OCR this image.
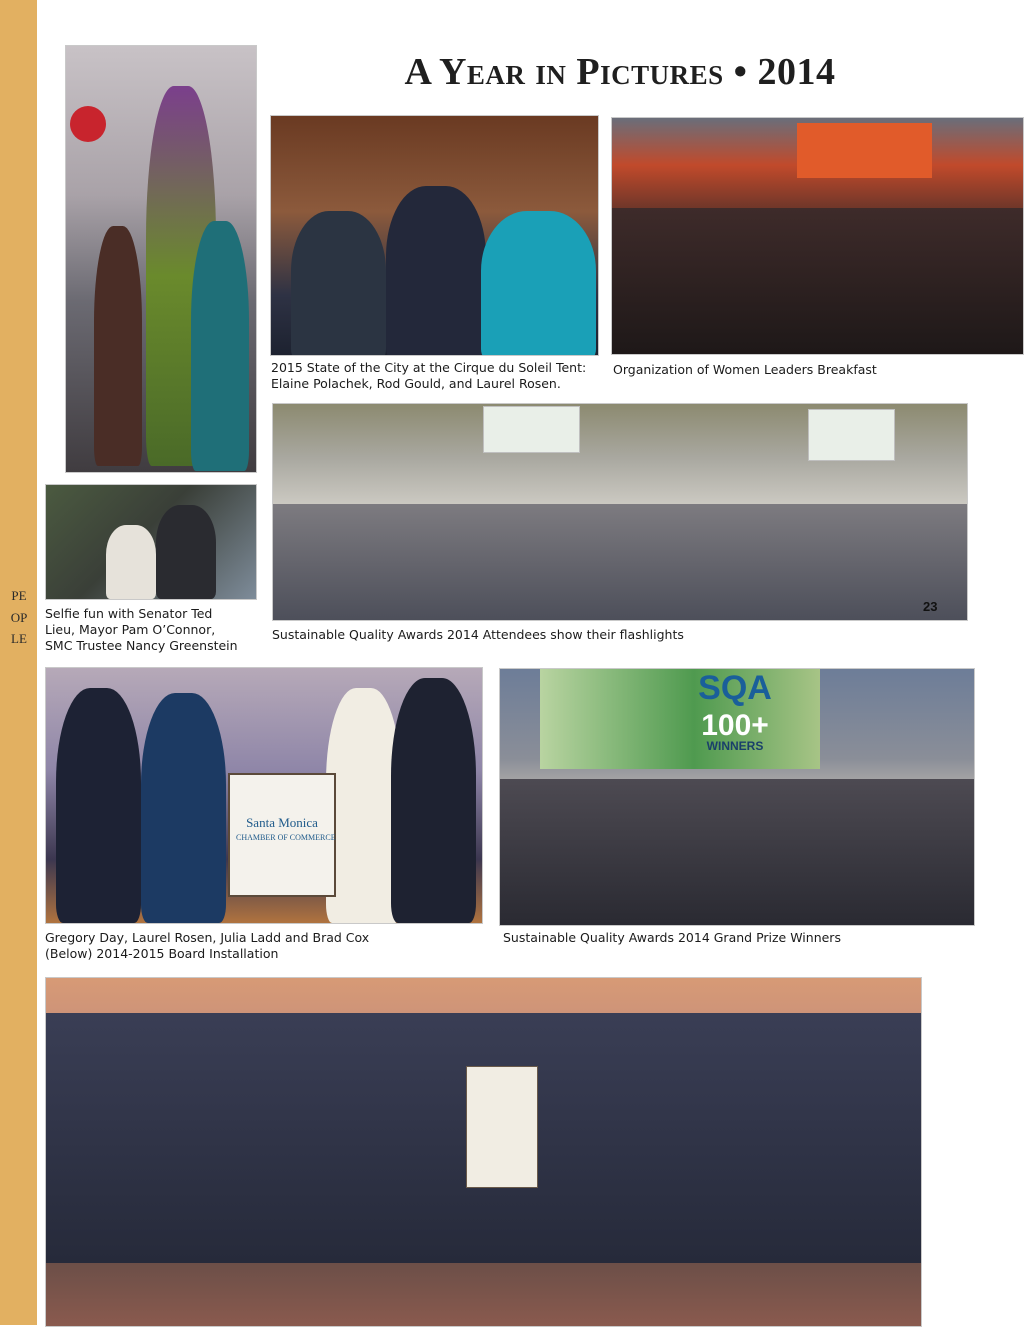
PEOPLE
A Year in Pictures • 2014
2015 State of the City at the Cirque du Soleil Tent:
Elaine Polachek, Rod Gould, and Laurel Rosen.
Organization of Women Leaders Breakfast
Selfie fun with Senator Ted
Lieu, Mayor Pam O’Connor,
SMC Trustee Nancy Greenstein
23
Sustainable Quality Awards 2014 Attendees show their flashlights
Santa Monica
CHAMBER OF COMMERCE
Gregory Day, Laurel Rosen, Julia Ladd and Brad Cox
(Below) 2014-2015 Board Installation
SQA
100+
WINNERS
Sustainable Quality Awards 2014 Grand Prize Winners
